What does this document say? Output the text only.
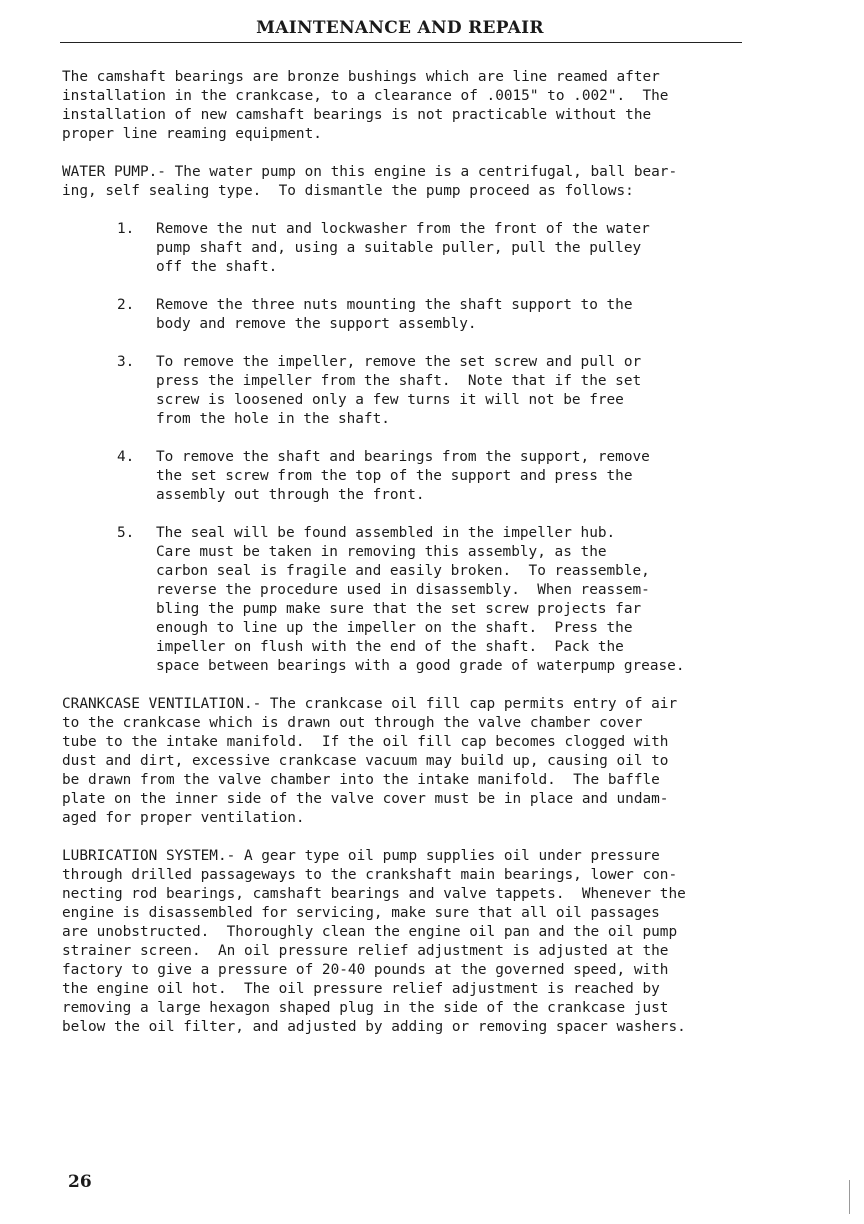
MAINTENANCE AND REPAIR
The camshaft bearings are bronze bushings which are line reamed after
installation in the crankcase, to a clearance of .0015" to .002".  The
installation of new camshaft bearings is not practicable without the
proper line reaming equipment.
WATER PUMP.- The water pump on this engine is a centrifugal, ball bear-
ing, self sealing type.  To dismantle the pump proceed as follows:
1. Remove the nut and lockwasher from the front of the water
pump shaft and, using a suitable puller, pull the pulley
off the shaft.
2. Remove the three nuts mounting the shaft support to the
body and remove the support assembly.
3. To remove the impeller, remove the set screw and pull or
press the impeller from the shaft.  Note that if the set
screw is loosened only a few turns it will not be free
from the hole in the shaft.
4. To remove the shaft and bearings from the support, remove
the set screw from the top of the support and press the
assembly out through the front.
5. The seal will be found assembled in the impeller hub.
Care must be taken in removing this assembly, as the
carbon seal is fragile and easily broken.  To reassemble,
reverse the procedure used in disassembly.  When reassem-
bling the pump make sure that the set screw projects far
enough to line up the impeller on the shaft.  Press the
impeller on flush with the end of the shaft.  Pack the
space between bearings with a good grade of waterpump grease.
CRANKCASE VENTILATION.- The crankcase oil fill cap permits entry of air
to the crankcase which is drawn out through the valve chamber cover
tube to the intake manifold.  If the oil fill cap becomes clogged with
dust and dirt, excessive crankcase vacuum may build up, causing oil to
be drawn from the valve chamber into the intake manifold.  The baffle
plate on the inner side of the valve cover must be in place and undam-
aged for proper ventilation.
LUBRICATION SYSTEM.- A gear type oil pump supplies oil under pressure
through drilled passageways to the crankshaft main bearings, lower con-
necting rod bearings, camshaft bearings and valve tappets.  Whenever the
engine is disassembled for servicing, make sure that all oil passages
are unobstructed.  Thoroughly clean the engine oil pan and the oil pump
strainer screen.  An oil pressure relief adjustment is adjusted at the
factory to give a pressure of 20-40 pounds at the governed speed, with
the engine oil hot.  The oil pressure relief adjustment is reached by
removing a large hexagon shaped plug in the side of the crankcase just
below the oil filter, and adjusted by adding or removing spacer washers.
26
